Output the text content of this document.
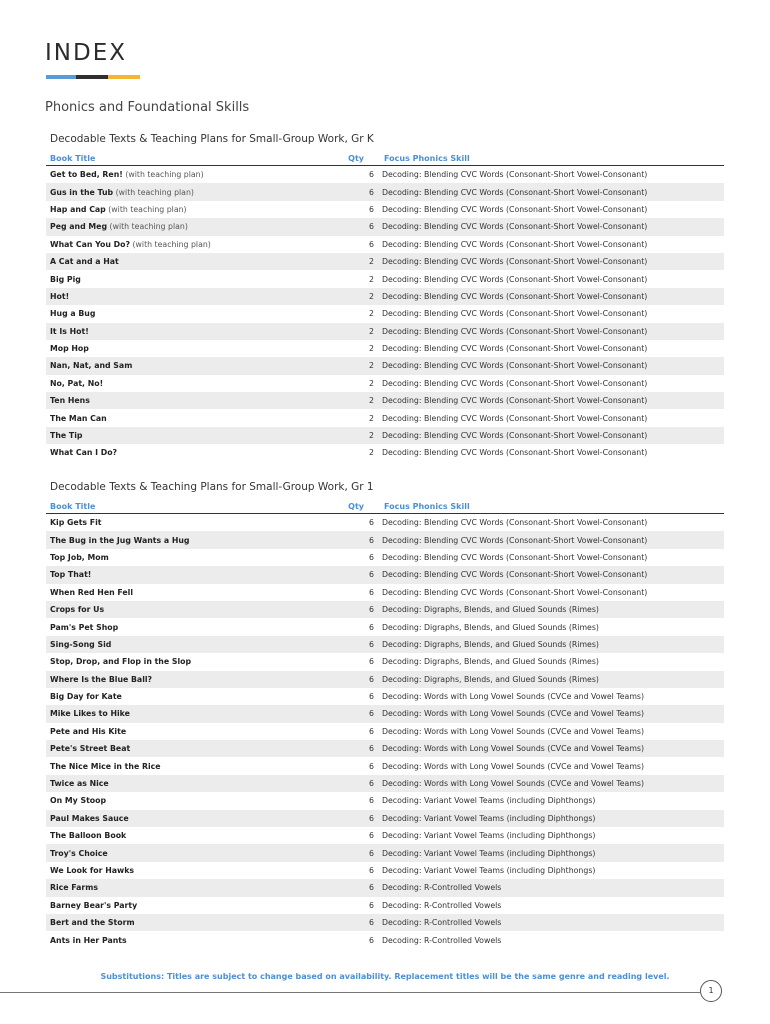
INDEX
Phonics and Foundational Skills
Decodable Texts & Teaching Plans for Small-Group Work, Gr K
Book Title	Qty	Focus Phonics Skill
Get to Bed, Ren! (with teaching plan)	6	Decoding: Blending CVC Words (Consonant-Short Vowel-Consonant)
Gus in the Tub (with teaching plan)	6	Decoding: Blending CVC Words (Consonant-Short Vowel-Consonant)
Hap and Cap (with teaching plan)	6	Decoding: Blending CVC Words (Consonant-Short Vowel-Consonant)
Peg and Meg (with teaching plan)	6	Decoding: Blending CVC Words (Consonant-Short Vowel-Consonant)
What Can You Do? (with teaching plan)	6	Decoding: Blending CVC Words (Consonant-Short Vowel-Consonant)
A Cat and a Hat	2	Decoding: Blending CVC Words (Consonant-Short Vowel-Consonant)
Big Pig	2	Decoding: Blending CVC Words (Consonant-Short Vowel-Consonant)
Hot!	2	Decoding: Blending CVC Words (Consonant-Short Vowel-Consonant)
Hug a Bug	2	Decoding: Blending CVC Words (Consonant-Short Vowel-Consonant)
It Is Hot!	2	Decoding: Blending CVC Words (Consonant-Short Vowel-Consonant)
Mop Hop	2	Decoding: Blending CVC Words (Consonant-Short Vowel-Consonant)
Nan, Nat, and Sam	2	Decoding: Blending CVC Words (Consonant-Short Vowel-Consonant)
No, Pat, No!	2	Decoding: Blending CVC Words (Consonant-Short Vowel-Consonant)
Ten Hens	2	Decoding: Blending CVC Words (Consonant-Short Vowel-Consonant)
The Man Can	2	Decoding: Blending CVC Words (Consonant-Short Vowel-Consonant)
The Tip	2	Decoding: Blending CVC Words (Consonant-Short Vowel-Consonant)
What Can I Do?	2	Decoding: Blending CVC Words (Consonant-Short Vowel-Consonant)
Decodable Texts & Teaching Plans for Small-Group Work, Gr 1
Book Title	Qty	Focus Phonics Skill
Kip Gets Fit	6	Decoding: Blending CVC Words (Consonant-Short Vowel-Consonant)
The Bug in the Jug Wants a Hug	6	Decoding: Blending CVC Words (Consonant-Short Vowel-Consonant)
Top Job, Mom	6	Decoding: Blending CVC Words (Consonant-Short Vowel-Consonant)
Top That!	6	Decoding: Blending CVC Words (Consonant-Short Vowel-Consonant)
When Red Hen Fell	6	Decoding: Blending CVC Words (Consonant-Short Vowel-Consonant)
Crops for Us	6	Decoding: Digraphs, Blends, and Glued Sounds (Rimes)
Pam's Pet Shop	6	Decoding: Digraphs, Blends, and Glued Sounds (Rimes)
Sing-Song Sid	6	Decoding: Digraphs, Blends, and Glued Sounds (Rimes)
Stop, Drop, and Flop in the Slop	6	Decoding: Digraphs, Blends, and Glued Sounds (Rimes)
Where Is the Blue Ball?	6	Decoding: Digraphs, Blends, and Glued Sounds (Rimes)
Big Day for Kate	6	Decoding: Words with Long Vowel Sounds (CVCe and Vowel Teams)
Mike Likes to Hike	6	Decoding: Words with Long Vowel Sounds (CVCe and Vowel Teams)
Pete and His Kite	6	Decoding: Words with Long Vowel Sounds (CVCe and Vowel Teams)
Pete's Street Beat	6	Decoding: Words with Long Vowel Sounds (CVCe and Vowel Teams)
The Nice Mice in the Rice	6	Decoding: Words with Long Vowel Sounds (CVCe and Vowel Teams)
Twice as Nice	6	Decoding: Words with Long Vowel Sounds (CVCe and Vowel Teams)
On My Stoop	6	Decoding: Variant Vowel Teams (including Diphthongs)
Paul Makes Sauce	6	Decoding: Variant Vowel Teams (including Diphthongs)
The Balloon Book	6	Decoding: Variant Vowel Teams (including Diphthongs)
Troy's Choice	6	Decoding: Variant Vowel Teams (including Diphthongs)
We Look for Hawks	6	Decoding: Variant Vowel Teams (including Diphthongs)
Rice Farms	6	Decoding: R-Controlled Vowels
Barney Bear's Party	6	Decoding: R-Controlled Vowels
Bert and the Storm	6	Decoding: R-Controlled Vowels
Ants in Her Pants	6	Decoding: R-Controlled Vowels

Substitutions: Titles are subject to change based on availability. Replacement titles will be the same genre and reading level.

1
